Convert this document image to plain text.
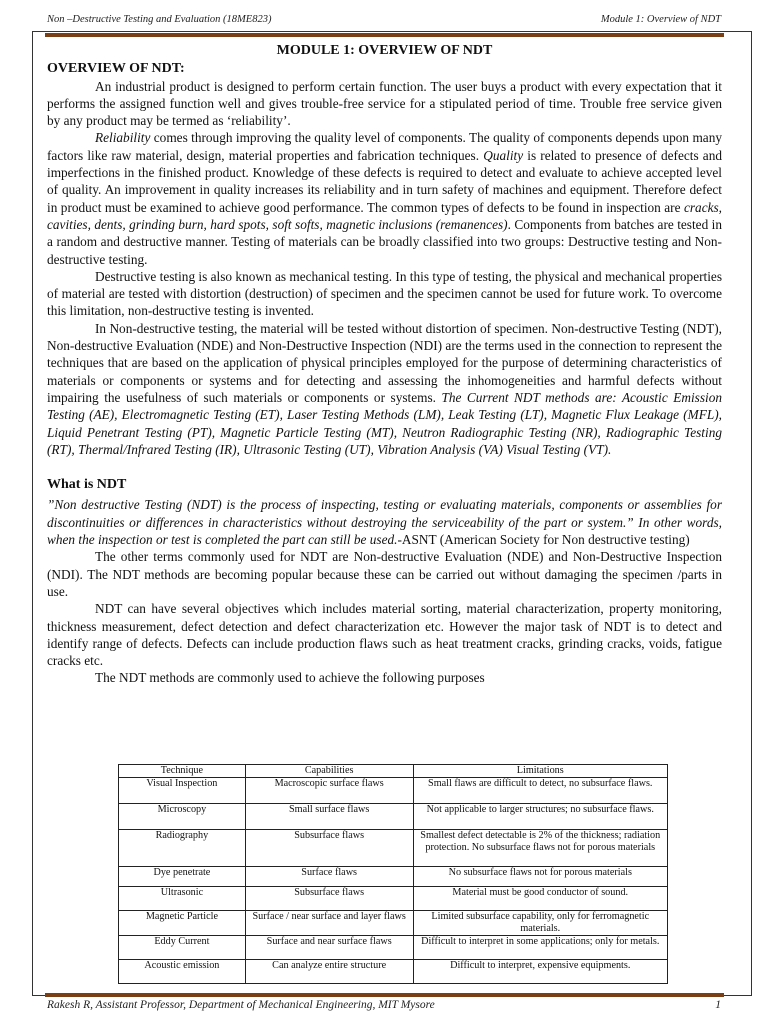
Non –Destructive Testing and Evaluation (18ME823)	Module 1: Overview of NDT

MODULE 1: OVERVIEW OF NDT

OVERVIEW OF NDT:

An industrial product is designed to perform certain function. The user buys a product with every expectation that it performs the assigned function well and gives trouble-free service for a stipulated period of time. Trouble free service given by any product may be termed as ‘reliability’.

Reliability comes through improving the quality level of components. The quality of components depends upon many factors like raw material, design, material properties and fabrication techniques. Quality is related to presence of defects and imperfections in the finished product. Knowledge of these defects is required to detect and evaluate to achieve accepted level of quality. An improvement in quality increases its reliability and in turn safety of machines and equipment. Therefore defect in product must be examined to achieve good performance. The common types of defects to be found in inspection are cracks, cavities, dents, grinding burn, hard spots, soft softs, magnetic inclusions (remanences). Components from batches are tested in a random and destructive manner. Testing of materials can be broadly classified into two groups: Destructive testing and Non-destructive testing.

Destructive testing is also known as mechanical testing. In this type of testing, the physical and mechanical properties of material are tested with distortion (destruction) of specimen and the specimen cannot be used for future work. To overcome this limitation, non-destructive testing is invented.

In Non-destructive testing, the material will be tested without distortion of specimen. Non-destructive Testing (NDT), Non-destructive Evaluation (NDE) and Non-Destructive Inspection (NDI) are the terms used in the connection to represent the techniques that are based on the application of physical principles employed for the purpose of determining characteristics of materials or components or systems and for detecting and assessing the inhomogeneities and harmful defects without impairing the usefulness of such materials or components or systems. The Current NDT methods are: Acoustic Emission Testing (AE), Electromagnetic Testing (ET), Laser Testing Methods (LM), Leak Testing (LT), Magnetic Flux Leakage (MFL), Liquid Penetrant Testing (PT), Magnetic Particle Testing (MT), Neutron Radiographic Testing (NR), Radiographic Testing (RT), Thermal/Infrared Testing (IR), Ultrasonic Testing (UT), Vibration Analysis (VA) Visual Testing (VT).

What is NDT

”Non destructive Testing (NDT) is the process of inspecting, testing or evaluating materials, components or assemblies for discontinuities or differences in characteristics without destroying the serviceability of the part or system.” In other words, when the inspection or test is completed the part can still be used.-ASNT (American Society for Non destructive testing)

The other terms commonly used for NDT are Non-destructive Evaluation (NDE) and Non-Destructive Inspection (NDI). The NDT methods are becoming popular because these can be carried out without damaging the specimen /parts in use.

NDT can have several objectives which includes material sorting, material characterization, property monitoring, thickness measurement, defect detection and defect characterization etc. However the major task of NDT is to detect and identify range of defects. Defects can include production flaws such as heat treatment cracks, grinding cracks, voids, fatigue cracks etc.

The NDT methods are commonly used to achieve the following purposes

Technique	Capabilities	Limitations
Visual Inspection	Macroscopic surface flaws	Small flaws are difficult to detect, no subsurface flaws.
Microscopy	Small surface flaws	Not applicable to larger structures; no subsurface flaws.
Radiography	Subsurface flaws	Smallest defect detectable is 2% of the thickness; radiation protection. No subsurface flaws not for porous materials
Dye penetrate	Surface flaws	No subsurface flaws not for porous materials
Ultrasonic	Subsurface flaws	Material must be good conductor of sound.
Magnetic Particle	Surface / near surface and layer flaws	Limited subsurface capability, only for ferromagnetic materials.
Eddy Current	Surface and near surface flaws	Difficult to interpret in some applications; only for metals.
Acoustic emission	Can analyze entire structure	Difficult to interpret, expensive equipments.
Rakesh R, Assistant Professor, Department of Mechanical Engineering, MIT Mysore	1
